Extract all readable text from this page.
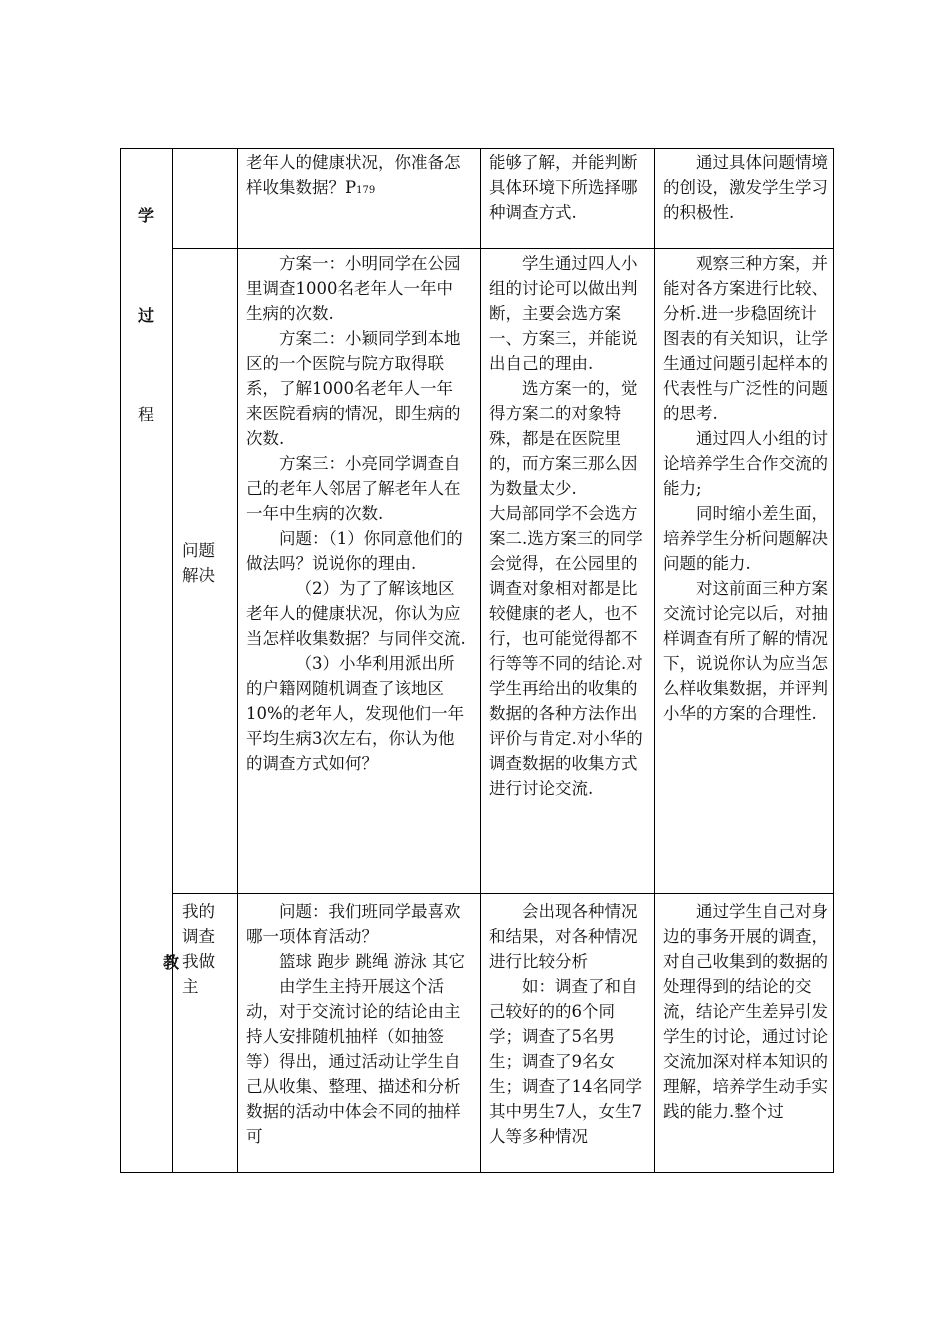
学
过
程
教

老年人的健康状况，你准备怎样收集数据？P179

能够了解，并能判断具体环境下所选择哪种调查方式.

通过具体问题情境的创设，激发学生学习的积极性.

问题解决

方案一：小明同学在公园里调查1000名老年人一年中生病的次数.

方案二：小颖同学到本地区的一个医院与院方取得联系，了解1000名老年人一年来医院看病的情况，即生病的次数.

方案三：小亮同学调查自己的老年人邻居了解老年人在一年中生病的次数.

问题：（1）你同意他们的做法吗？说说你的理由.

（2）为了了解该地区老年人的健康状况，你认为应当怎样收集数据？与同伴交流.

（3）小华利用派出所的户籍网随机调查了该地区10%的老年人，发现他们一年平均生病3次左右，你认为他的调查方式如何？

学生通过四人小组的讨论可以做出判断，主要会选方案一、方案三，并能说出自己的理由.

选方案一的，觉得方案二的对象特殊，都是在医院里的，而方案三那么因为数量太少.

大局部同学不会选方案二.选方案三的同学会觉得，在公园里的调查对象相对都是比较健康的老人，也不行，也可能觉得都不行等等不同的结论.对学生再给出的收集的数据的各种方法作出评价与肯定.对小华的调查数据的收集方式进行讨论交流.

观察三种方案，并能对各方案进行比较、分析.进一步稳固统计图表的有关知识，让学生通过问题引起样本的代表性与广泛性的问题的思考.

通过四人小组的讨论培养学生合作交流的能力;

同时缩小差生面，培养学生分析问题解决问题的能力.

对这前面三种方案交流讨论完以后，对抽样调查有所了解的情况下，说说你认为应当怎么样收集数据，并评判小华的方案的合理性.

我的调查我做主

问题：我们班同学最喜欢哪一项体育活动？

篮球 跑步 跳绳 游泳 其它

由学生主持开展这个活动，对于交流讨论的结论由主持人安排随机抽样（如抽签等）得出，通过活动让学生自己从收集、整理、描述和分析数据的活动中体会不同的抽样可

会出现各种情况和结果，对各种情况进行比较分析

如：调查了和自己较好的的6个同学；调查了5名男生；调查了9名女生；调查了14名同学其中男生7人，女生7人等多种情况

通过学生自己对身边的事务开展的调查，对自己收集到的数据的处理得到的结论的交流，结论产生差异引发学生的讨论，通过讨论交流加深对样本知识的理解，培养学生动手实践的能力.整个过
